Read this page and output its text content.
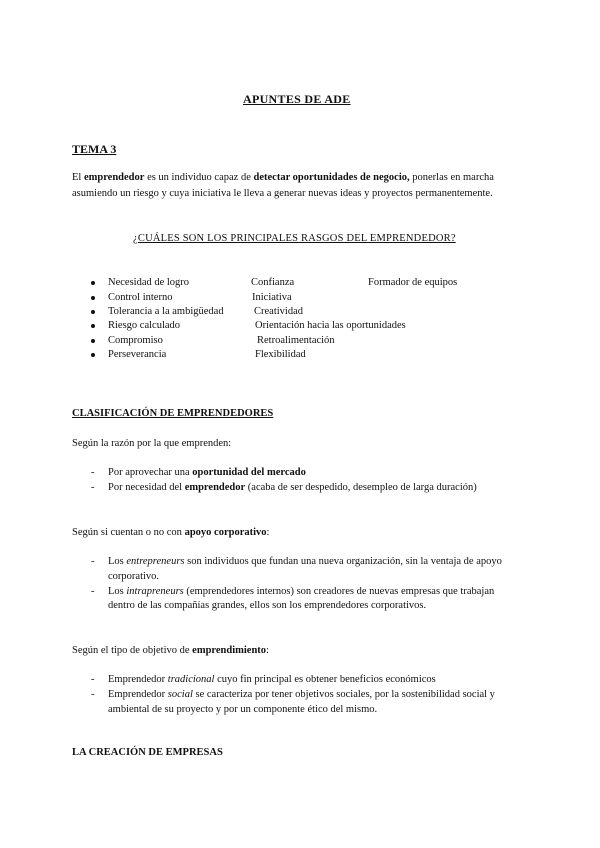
APUNTES DE ADE
TEMA 3
El emprendedor es un individuo capaz de detectar oportunidades de negocio, ponerlas en marcha
asumiendo un riesgo y cuya iniciativa le lleva a generar nuevas ideas y proyectos permanentemente.
¿CUÁLES SON LOS PRINCIPALES RASGOS DEL EMPRENDEDOR?
Necesidad de logro
Control interno
Tolerancia a la ambigüedad
Riesgo calculado
Compromiso
Perseverancia
Confianza
Iniciativa
Creatividad
Orientación hacia las oportunidades
Retroalimentación
Flexibilidad
Formador de equipos
CLASIFICACIÓN DE EMPRENDEDORES
Según la razón por la que emprenden:
- Por aprovechar una oportunidad del mercado
- Por necesidad del emprendedor (acaba de ser despedido, desempleo de larga duración)
Según si cuentan o no con apoyo corporativo:
- Los entrepreneurs son individuos que fundan una nueva organización, sin la ventaja de apoyo
corporativo.
- Los intrapreneurs (emprendedores internos) son creadores de nuevas empresas que trabajan
dentro de las compañías grandes, ellos son los emprendedores corporativos.
Según el tipo de objetivo de emprendimiento:
- Emprendedor tradicional cuyo fin principal es obtener beneficios económicos
- Emprendedor social se caracteriza por tener objetivos sociales, por la sostenibilidad social y
ambiental de su proyecto y por un componente ético del mismo.
LA CREACIÓN DE EMPRESAS
